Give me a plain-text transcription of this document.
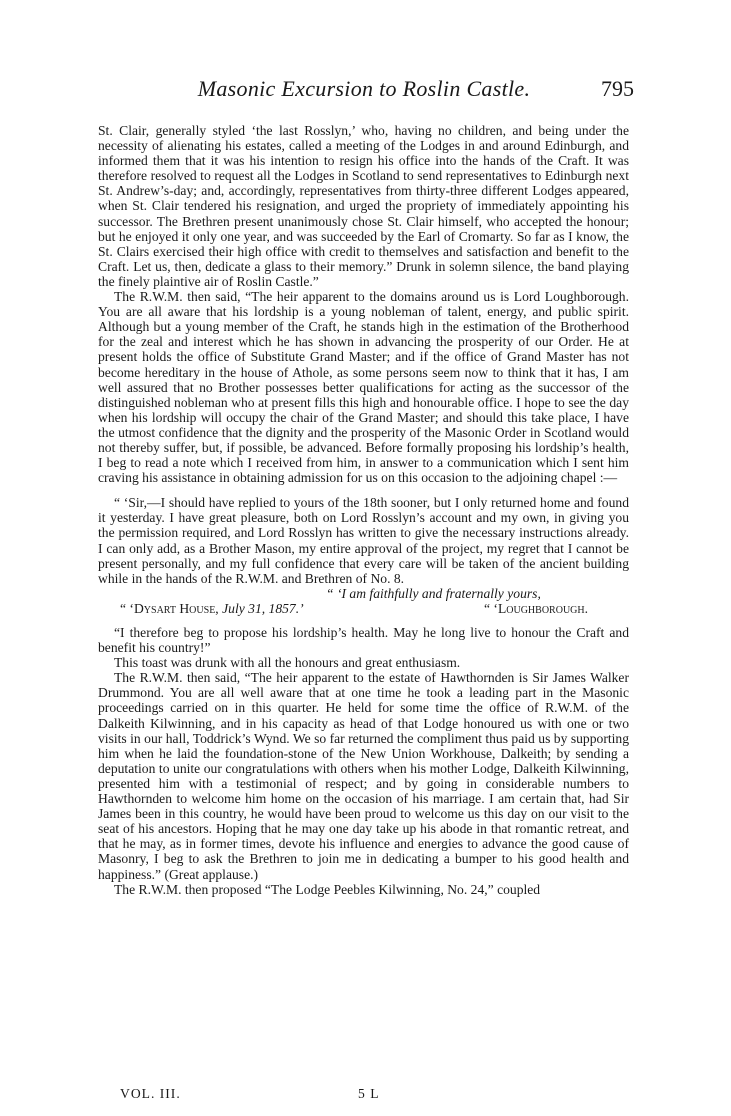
Masonic Excursion to Roslin Castle.	795

St. Clair, generally styled ‘the last Rosslyn,’ who, having no children, and being under the necessity of alienating his estates, called a meeting of the Lodges in and around Edinburgh, and informed them that it was his intention to resign his office into the hands of the Craft. It was therefore resolved to request all the Lodges in Scotland to send representatives to Edinburgh next St. Andrew’s-day; and, accordingly, representatives from thirty-three different Lodges appeared, when St. Clair tendered his resignation, and urged the propriety of immediately appointing his successor. The Brethren present unanimously chose St. Clair himself, who accepted the honour; but he enjoyed it only one year, and was succeeded by the Earl of Cromarty. So far as I know, the St. Clairs exercised their high office with credit to themselves and satisfaction and benefit to the Craft. Let us, then, dedicate a glass to their memory.” Drunk in solemn silence, the band playing the finely plaintive air of Roslin Castle.”

The R.W.M. then said, “The heir apparent to the domains around us is Lord Loughborough. You are all aware that his lordship is a young nobleman of talent, energy, and public spirit. Although but a young member of the Craft, he stands high in the estimation of the Brotherhood for the zeal and interest which he has shown in advancing the prosperity of our Order. He at present holds the office of Substitute Grand Master; and if the office of Grand Master has not become hereditary in the house of Athole, as some persons seem now to think that it has, I am well assured that no Brother possesses better qualifications for acting as the successor of the distinguished nobleman who at present fills this high and honourable office. I hope to see the day when his lordship will occupy the chair of the Grand Master; and should this take place, I have the utmost confidence that the dignity and the prosperity of the Masonic Order in Scotland would not thereby suffer, but, if possible, be advanced. Before formally proposing his lordship’s health, I beg to read a note which I received from him, in answer to a communication which I sent him craving his assistance in obtaining admission for us on this occasion to the adjoining chapel :—

“ ‘Sir,—I should have replied to yours of the 18th sooner, but I only returned home and found it yesterday. I have great pleasure, both on Lord Rosslyn’s account and my own, in giving you the permission required, and Lord Rosslyn has written to give the necessary instructions already. I can only add, as a Brother Mason, my entire approval of the project, my regret that I cannot be present personally, and my full confidence that every care will be taken of the ancient building while in the hands of the R.W.M. and Brethren of No. 8.

“ ‘I am faithfully and fraternally yours,
“ ‘Dysart House, July 31, 1857.’	“ ‘Loughborough.

“I therefore beg to propose his lordship’s health. May he long live to honour the Craft and benefit his country!”

This toast was drunk with all the honours and great enthusiasm.

The R.W.M. then said, “The heir apparent to the estate of Hawthornden is Sir James Walker Drummond. You are all well aware that at one time he took a leading part in the Masonic proceedings carried on in this quarter. He held for some time the office of R.W.M. of the Dalkeith Kilwinning, and in his capacity as head of that Lodge honoured us with one or two visits in our hall, Toddrick’s Wynd. We so far returned the compliment thus paid us by supporting him when he laid the foundation-stone of the New Union Workhouse, Dalkeith; by sending a deputation to unite our congratulations with others when his mother Lodge, Dalkeith Kilwinning, presented him with a testimonial of respect; and by going in considerable numbers to Hawthornden to welcome him home on the occasion of his marriage. I am certain that, had Sir James been in this country, he would have been proud to welcome us this day on our visit to the seat of his ancestors. Hoping that he may one day take up his abode in that romantic retreat, and that he may, as in former times, devote his influence and energies to advance the good cause of Masonry, I beg to ask the Brethren to join me in dedicating a bumper to his good health and happiness.” (Great applause.)

The R.W.M. then proposed “The Lodge Peebles Kilwinning, No. 24,” coupled

VOL. III.	5 L
